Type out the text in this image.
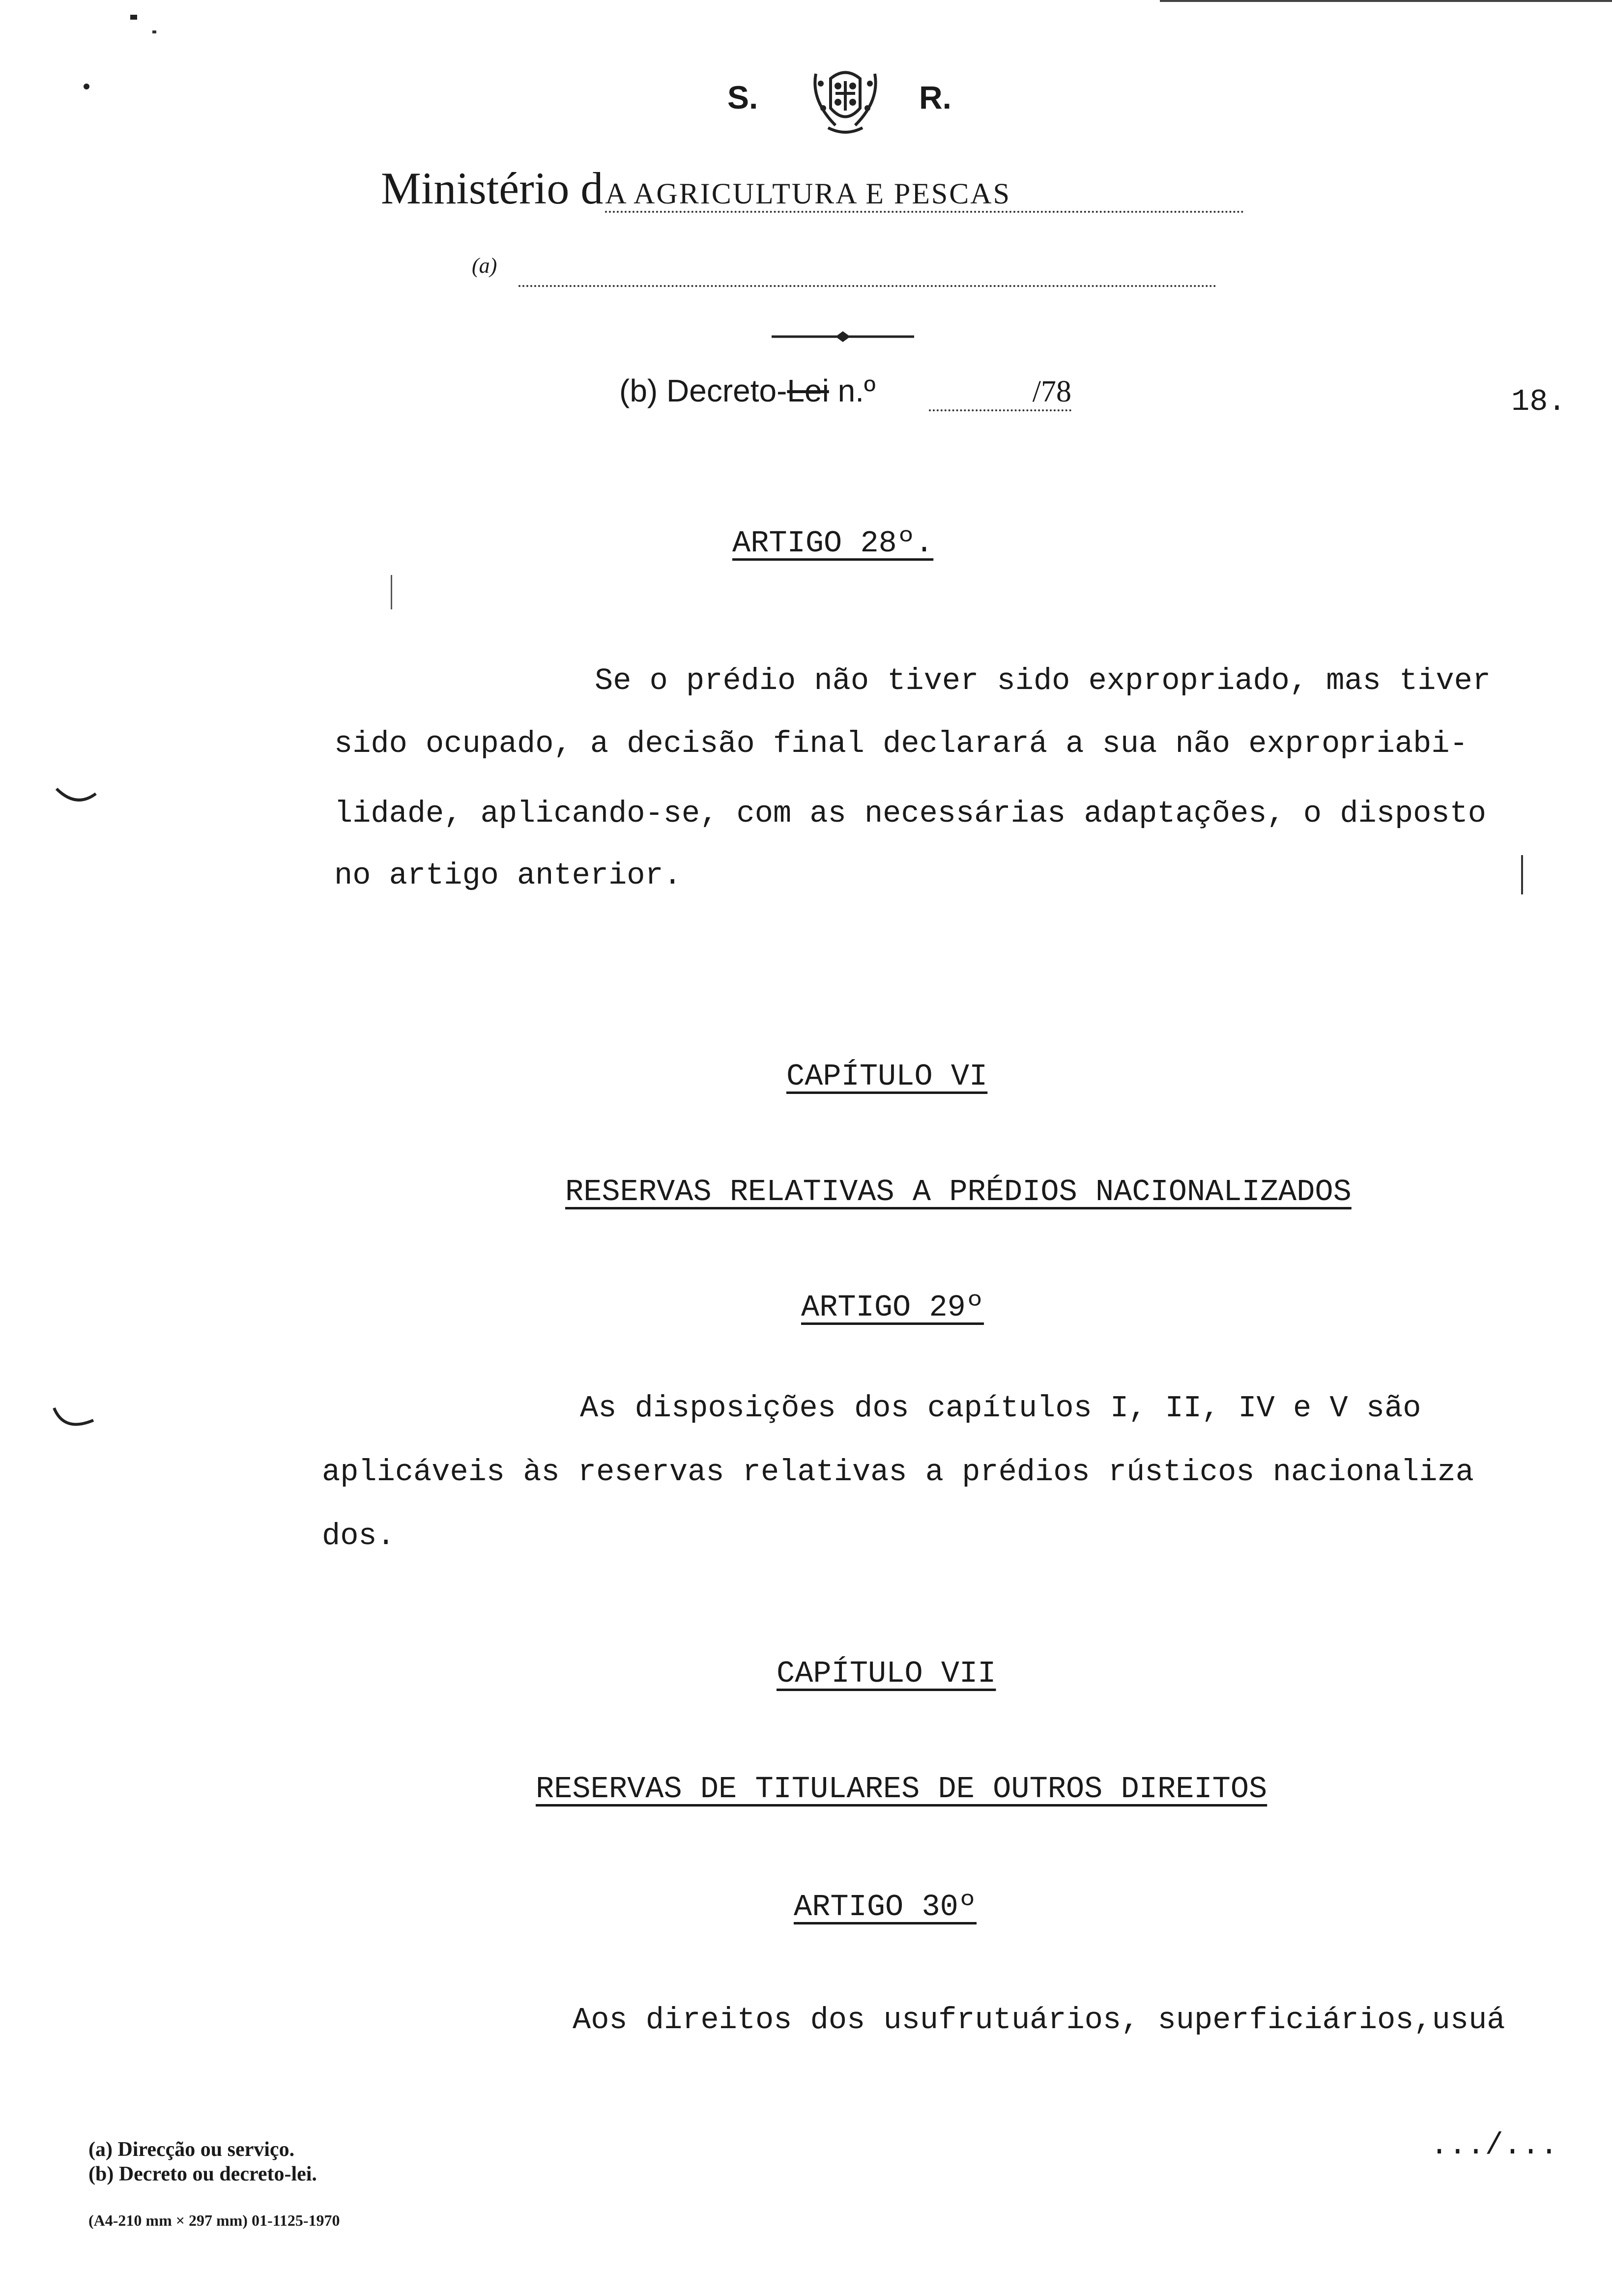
S.	R.
Ministério d A AGRICULTURA E PESCAS
(a)
(b) Decreto-Lei n.º	/78	18.
ARTIGO 28º.
Se o prédio não tiver sido expropriado, mas tiver
sido ocupado, a decisão final declarará a sua não expropriabi-
lidade, aplicando-se, com as necessárias adaptações, o disposto
no artigo anterior.
CAPÍTULO VI
RESERVAS RELATIVAS A PRÉDIOS NACIONALIZADOS
ARTIGO 29º
As disposições dos capítulos I, II, IV e V são
aplicáveis às reservas relativas a prédios rústicos nacionaliza
dos.
CAPÍTULO VII
RESERVAS DE TITULARES DE OUTROS DIREITOS
ARTIGO 30º
Aos direitos dos usufrutuários, superficiários,usuá
.../...
(a) Direcção ou serviço.
(b) Decreto ou decreto-lei.
(A4-210 mm × 297 mm) 01-1125-1970
